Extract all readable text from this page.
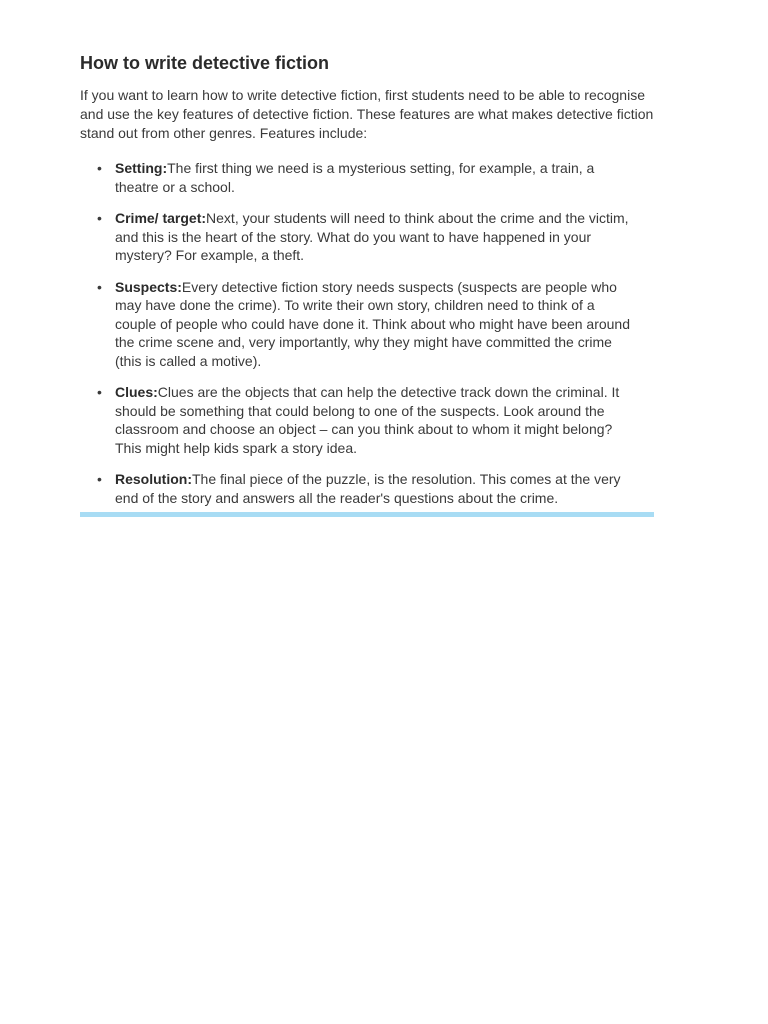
How to write detective fiction

If you want to learn how to write detective fiction, first students need to be able to recognise and use the key features of detective fiction. These features are what makes detective fiction stand out from other genres. Features include:

• Setting:The first thing we need is a mysterious setting, for example, a train, a theatre or a school.
• Crime/ target:Next, your students will need to think about the crime and the victim, and this is the heart of the story. What do you want to have happened in your mystery? For example, a theft.
• Suspects:Every detective fiction story needs suspects (suspects are people who may have done the crime). To write their own story, children need to think of a couple of people who could have done it. Think about who might have been around the crime scene and, very importantly, why they might have committed the crime (this is called a motive).
• Clues:Clues are the objects that can help the detective track down the criminal. It should be something that could belong to one of the suspects. Look around the classroom and choose an object – can you think about to whom it might belong? This might help kids spark a story idea.
• Resolution:The final piece of the puzzle, is the resolution. This comes at the very end of the story and answers all the reader's questions about the crime.
